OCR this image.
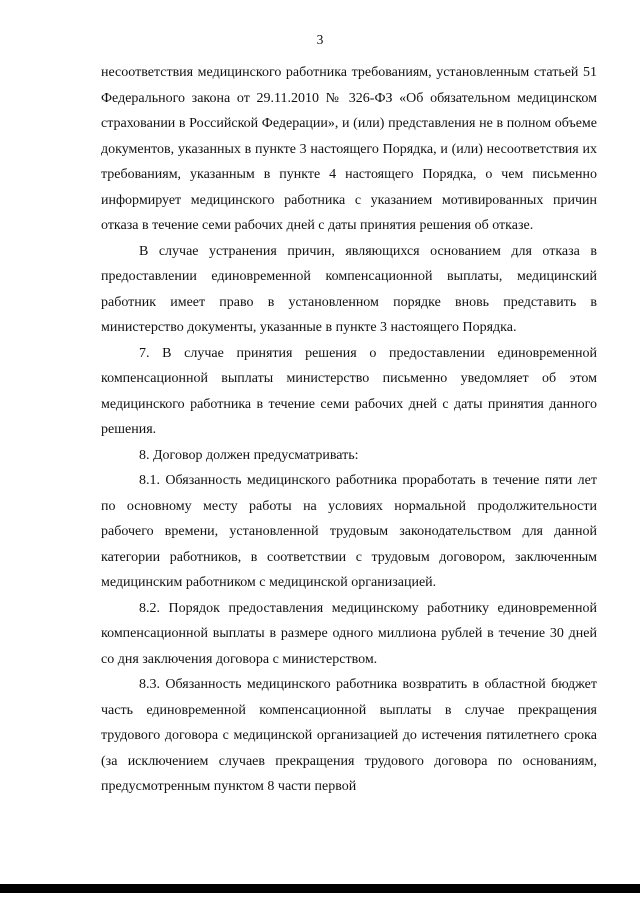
3

несоответствия медицинского работника требованиям, установленным статьей 51 Федерального закона от 29.11.2010 № 326-ФЗ «Об обязательном медицинском страховании в Российской Федерации», и (или) представления не в полном объеме документов, указанных в пункте 3 настоящего Порядка, и (или) несоответствия их требованиям, указанным в пункте 4 настоящего Порядка, о чем письменно информирует медицинского работника с указанием мотивированных причин отказа в течение семи рабочих дней с даты принятия решения об отказе.

В случае устранения причин, являющихся основанием для отказа в предоставлении единовременной компенсационной выплаты, медицинский работник имеет право в установленном порядке вновь представить в министерство документы, указанные в пункте 3 настоящего Порядка.

7. В случае принятия решения о предоставлении единовременной компенсационной выплаты министерство письменно уведомляет об этом медицинского работника в течение семи рабочих дней с даты принятия данного решения.

8. Договор должен предусматривать:

8.1. Обязанность медицинского работника проработать в течение пяти лет по основному месту работы на условиях нормальной продолжительности рабочего времени, установленной трудовым законодательством для данной категории работников, в соответствии с трудовым договором, заключенным медицинским работником с медицинской организацией.

8.2. Порядок предоставления медицинскому работнику единовременной компенсационной выплаты в размере одного миллиона рублей в течение 30 дней со дня заключения договора с министерством.

8.3. Обязанность медицинского работника возвратить в областной бюджет часть единовременной компенсационной выплаты в случае прекращения трудового договора с медицинской организацией до истечения пятилетнего срока (за исключением случаев прекращения трудового договора по основаниям, предусмотренным пунктом 8 части первой
